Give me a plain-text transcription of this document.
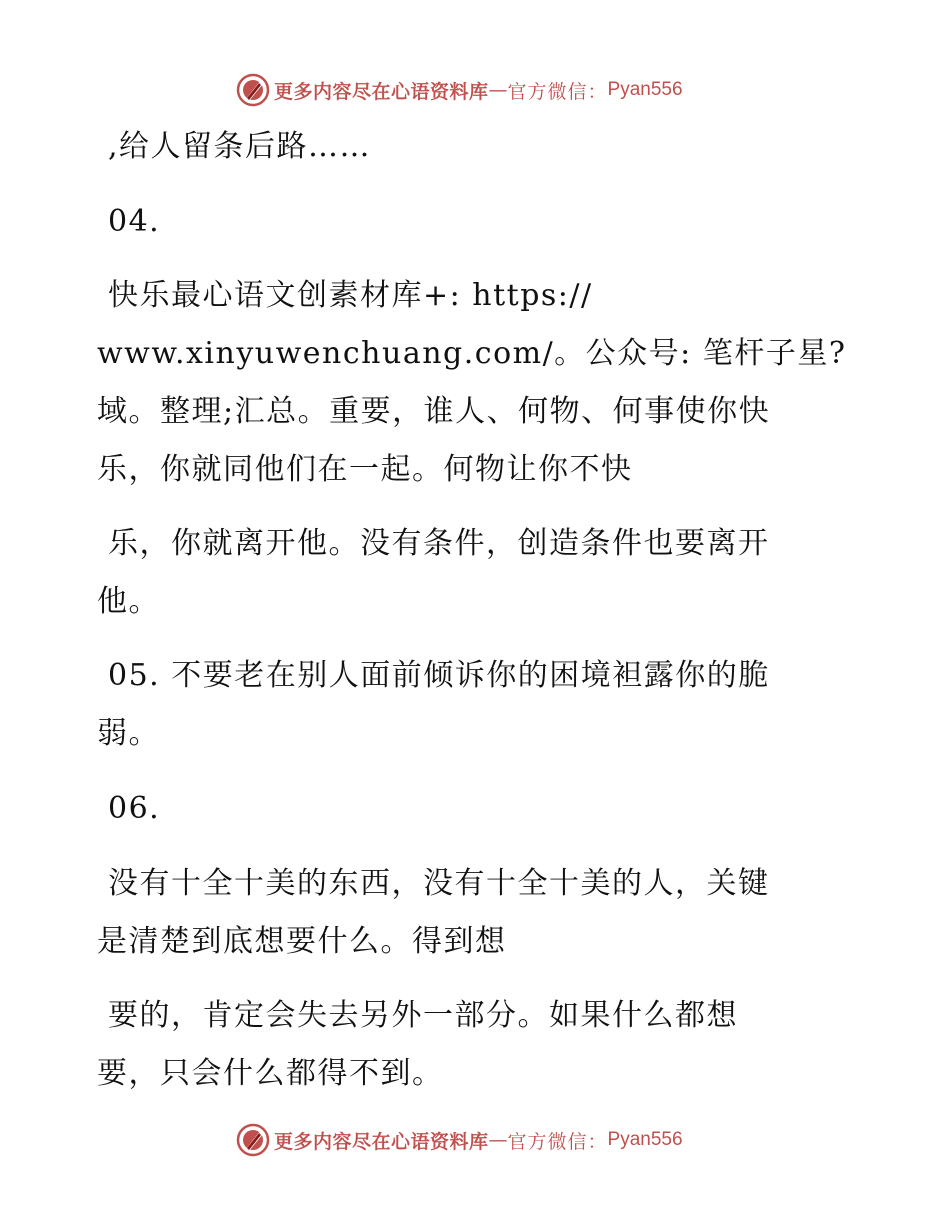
更多内容尽在心语资料库 — 官方微信： Pyan556
,给人留条后路……
04.
快乐最心语文创素材库+: https://
www.xinyuwenchuang.com/。公众号: 笔杆子星?
域。整理;汇总。重要，谁人、何物、何事使你快
乐，你就同他们在一起。何物让你不快
乐，你就离开他。没有条件，创造条件也要离开
他。
05. 不要老在别人面前倾诉你的困境袒露你的脆
弱。
06.
没有十全十美的东西，没有十全十美的人，关键
是清楚到底想要什么。得到想
要的，肯定会失去另外一部分。如果什么都想
要，只会什么都得不到。
更多内容尽在心语资料库 — 官方微信： Pyan556
